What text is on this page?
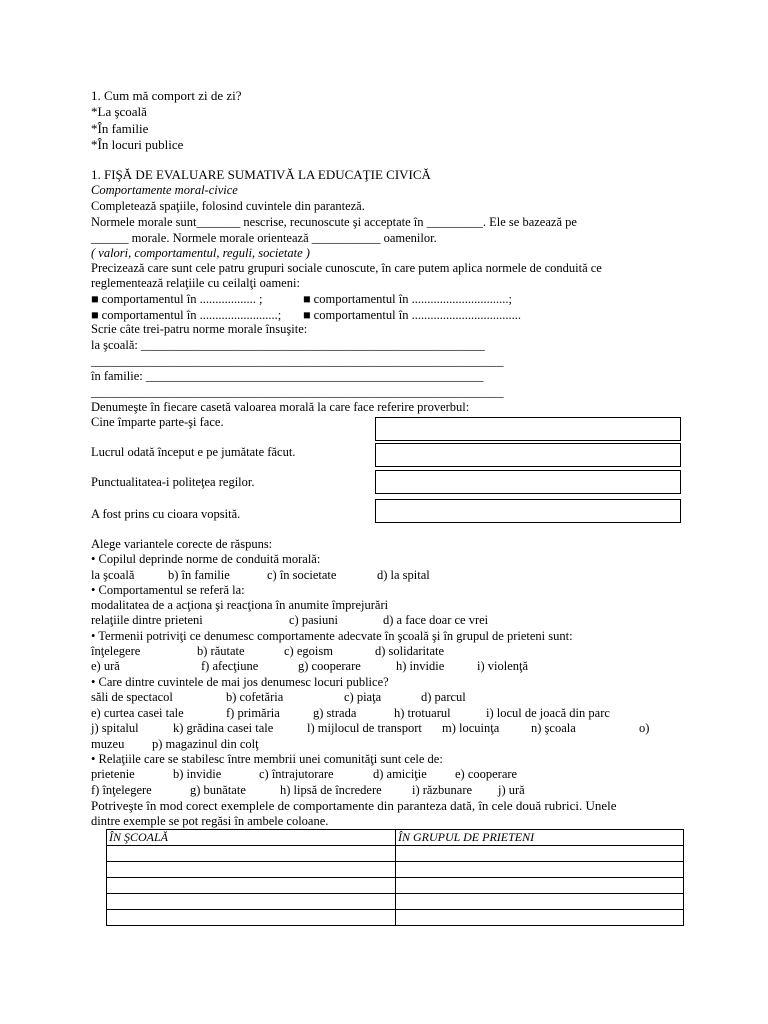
1. Cum mă comport zi de zi?
*La şcoală
*În familie
*În locuri publice
1. FIŞĂ DE EVALUARE SUMATIVĂ LA EDUCAŢIE CIVICĂ
Comportamente moral-civice
Completează spaţiile, folosind cuvintele din paranteză.
Normele morale sunt_______ nescrise, recunoscute şi acceptate în _________. Ele se bazează pe
______ morale. Normele morale orientează ___________ oamenilor.
( valori, comportamentul, reguli, societate )
Precizează care sunt cele patru grupuri sociale cunoscute, în care putem aplica normele de conduită ce
reglementează relaţiile cu ceilalţi oameni:
■ comportamentul în .................. ;	■ comportamentul în ...............................;
■ comportamentul în .........................; ■ comportamentul în ...................................
Scrie câte trei-patru norme morale însuşite:
la şcoală: _______________________________________________________
__________________________________________________________________
în familie: ______________________________________________________
__________________________________________________________________
Denumeşte în fiecare casetă valoarea morală la care face referire proverbul:
Cine împarte parte-şi face.
Lucrul odată început e pe jumătate făcut.
Punctualitatea-i politeţea regilor.
A fost prins cu cioara vopsită.
Alege variantele corecte de răspuns:
• Copilul deprinde norme de conduită morală:
la şcoală	b) în familie	c) în societate	d) la spital
• Comportamentul se referă la:
modalitatea de a acţiona şi reacţiona în anumite împrejurări
relaţiile dintre prieteni	c) pasiuni	d) a face doar ce vrei
• Termenii potriviţi ce denumesc comportamente adecvate în şcoală şi în grupul de prieteni sunt:
înţelegere	b) răutate	c) egoism	d) solidaritate
e) ură	f) afecţiune	g) cooperare	h) invidie	i) violenţă
• Care dintre cuvintele de mai jos denumesc locuri publice?
săli de spectacol	b) cofetăria	c) piaţa	d) parcul
e) curtea casei tale	f) primăria	g) strada	h) trotuarul	i) locul de joacă din parc
j) spitalul	k) grădina casei tale	l) mijlocul de transport m) locuinţa	n) şcoala	o)
muzeu p) magazinul din colţ
• Relaţiile care se stabilesc între membrii unei comunităţi sunt cele de:
prietenie	b) invidie	c) întrajutorare	d) amiciţie e) cooperare
f) înţelegere	g) bunătate	h) lipsă de încredere i) răzbunare j) ură
Potriveşte în mod corect exemplele de comportamente din paranteza dată, în cele două rubrici. Unele
dintre exemple se pot regăsi în ambele coloane.
ÎN ŞCOALĂ	ÎN GRUPUL DE PRIETENI
